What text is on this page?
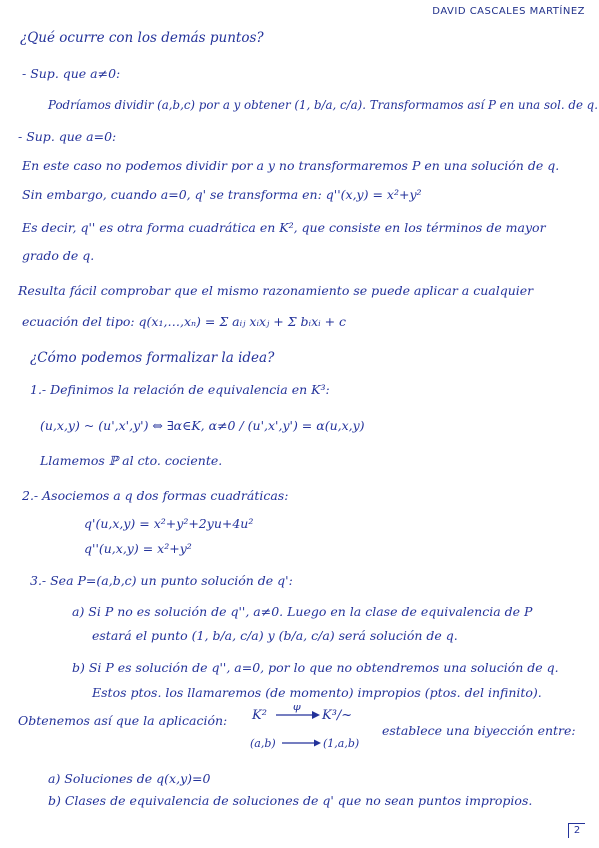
DAVID CASCALES MARTÍNEZ
¿Qué ocurre con los demás puntos?
- Sup. que a≠0:
Podríamos dividir (a,b,c) por a y obtener (1, b/a, c/a). Transformamos así P en una sol. de q.
- Sup. que a=0:
En este caso no podemos dividir por a y no transformaremos P en una solución de q.
Sin embargo, cuando a=0, q' se transforma en: q''(x,y) = x²+y²
Es decir, q'' es otra forma cuadrática en K², que consiste en los términos de mayor
grado de q.
Resulta fácil comprobar que el mismo razonamiento se puede aplicar a cualquier
ecuación del tipo: q(x₁,…,xₙ) = Σ aᵢⱼ xᵢxⱼ + Σ bᵢxᵢ + c
¿Cómo podemos formalizar la idea?
1.- Definimos la relación de equivalencia en K³:
(u,x,y) ~ (u',x',y') ⇔ ∃α∈K, α≠0 / (u',x',y') = α(u,x,y)
Llamemos ℙ al cto. cociente.
2.- Asociemos a q dos formas cuadráticas:
q'(u,x,y) = x²+y²+2yu+4u²
q''(u,x,y) = x²+y²
3.- Sea P=(a,b,c) un punto solución de q':
a) Si P no es solución de q'', a≠0. Luego en la clase de equivalencia de P
estará el punto (1, b/a, c/a) y (b/a, c/a) será solución de q.
b) Si P es solución de q'', a=0, por lo que no obtendremos una solución de q.
Estos ptos. los llamaremos (de momento) impropios (ptos. del infinito).
Obtenemos así que la aplicación:
establece una biyección entre:
a) Soluciones de q(x,y)=0
b) Clases de equivalencia de soluciones de q' que no sean puntos impropios.
K²
φ
K³/~
(a,b)	(1,a,b)
2
